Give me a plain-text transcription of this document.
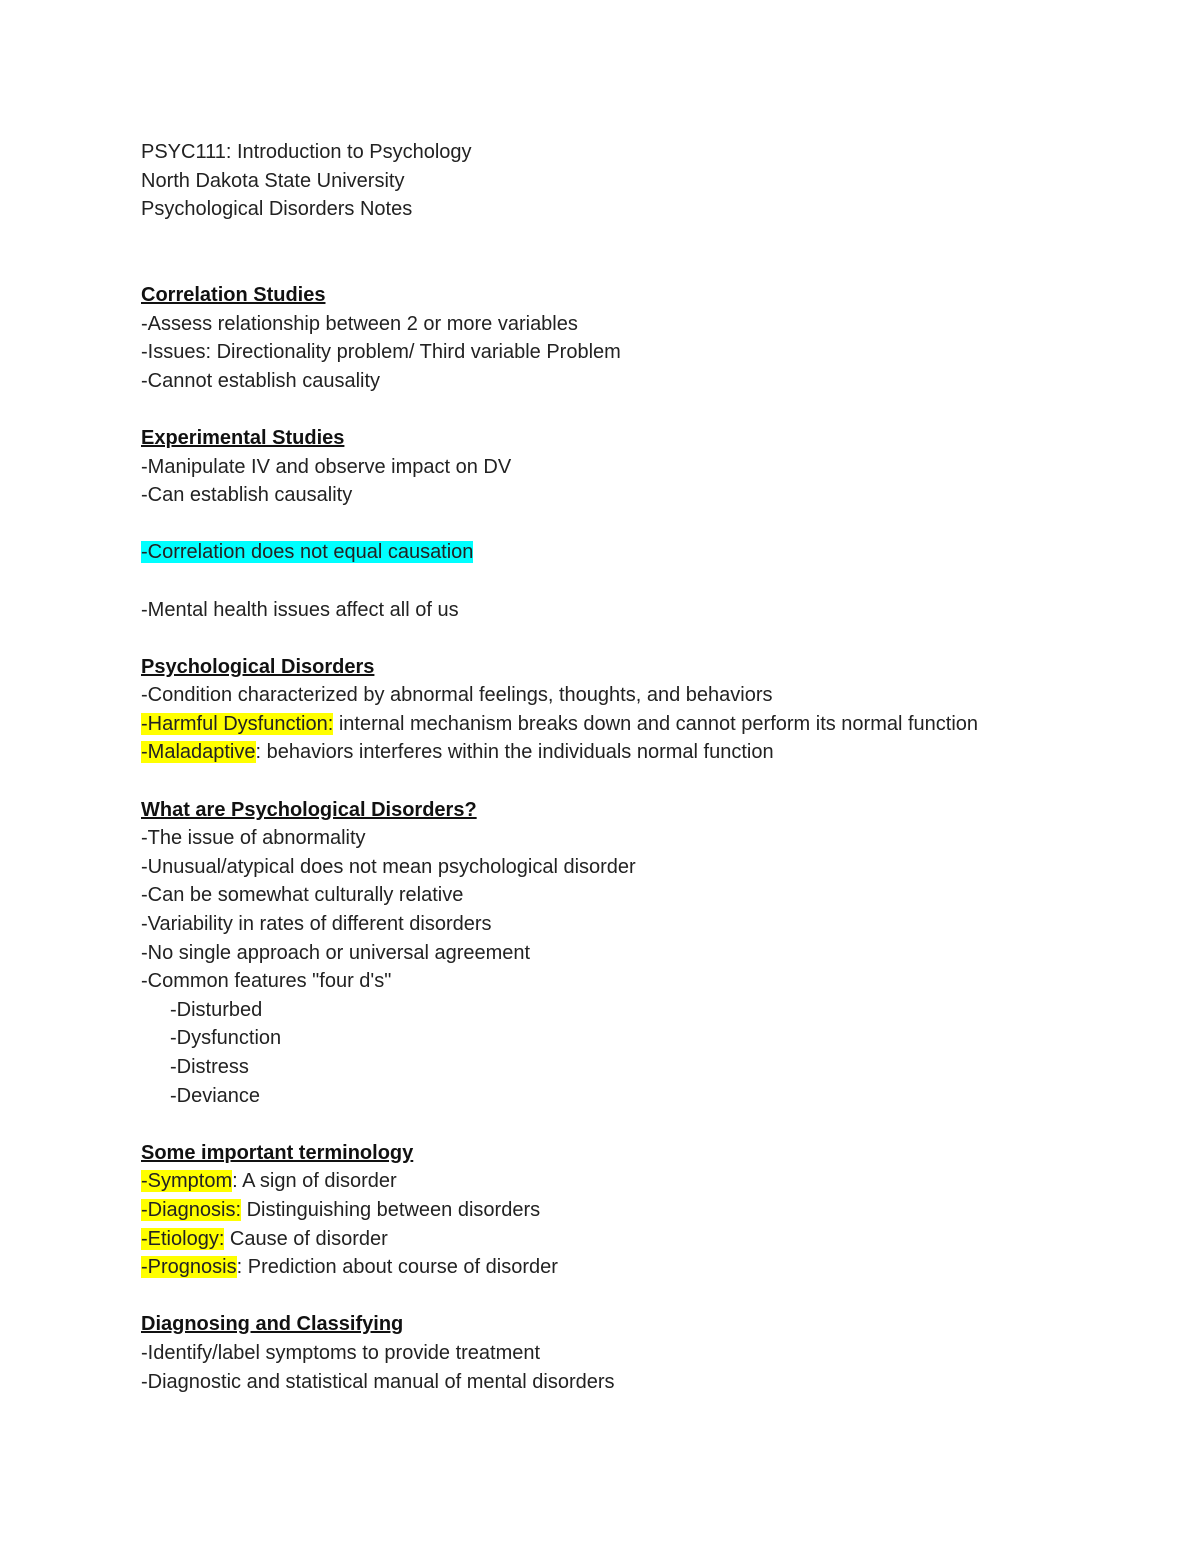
PSYC111: Introduction to Psychology
North Dakota State University
Psychological Disorders Notes
Correlation Studies
-Assess relationship between 2 or more variables
-Issues: Directionality problem/ Third variable Problem
-Cannot establish causality
Experimental Studies
-Manipulate IV and observe impact on DV
-Can establish causality
-Correlation does not equal causation
-Mental health issues affect all of us
Psychological Disorders
-Condition characterized by abnormal feelings, thoughts, and behaviors
-Harmful Dysfunction: internal mechanism breaks down and cannot perform its normal function
-Maladaptive: behaviors interferes within the individuals normal function
What are Psychological Disorders?
-The issue of abnormality
-Unusual/atypical does not mean psychological disorder
-Can be somewhat culturally relative
-Variability in rates of different disorders
-No single approach or universal agreement
-Common features "four d's"
-Disturbed
-Dysfunction
-Distress
-Deviance
Some important terminology
-Symptom: A sign of disorder
-Diagnosis: Distinguishing between disorders
-Etiology: Cause of disorder
-Prognosis: Prediction about course of disorder
Diagnosing and Classifying
-Identify/label symptoms to provide treatment
-Diagnostic and statistical manual of mental disorders
